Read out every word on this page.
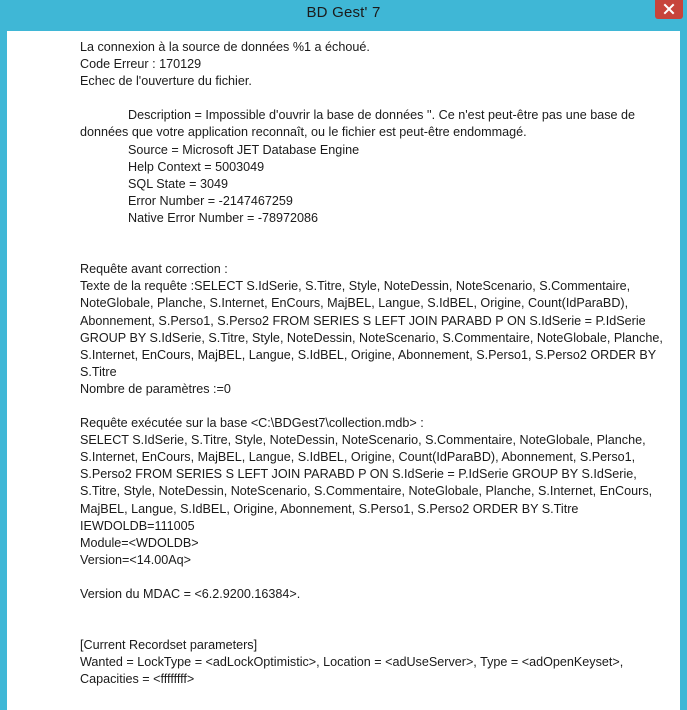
BD Gest' 7
La connexion à la source de données %1 a échoué.
Code Erreur : 170129
Echec de l'ouverture du fichier.
Description = Impossible d'ouvrir la base de données ''. Ce n'est peut-être pas une base de données que votre application reconnaît, ou le fichier est peut-être endommagé.
Source = Microsoft JET Database Engine
Help Context = 5003049
SQL State = 3049
Error Number = -2147467259
Native Error Number = -78972086
Requête avant correction :
Texte de la requête :SELECT S.IdSerie, S.Titre, Style, NoteDessin, NoteScenario, S.Commentaire, NoteGlobale, Planche, S.Internet, EnCours, MajBEL, Langue, S.IdBEL, Origine, Count(IdParaBD), Abonnement, S.Perso1, S.Perso2 FROM SERIES S LEFT JOIN PARABD P ON S.IdSerie = P.IdSerie GROUP BY S.IdSerie, S.Titre, Style, NoteDessin, NoteScenario, S.Commentaire, NoteGlobale, Planche, S.Internet, EnCours, MajBEL, Langue, S.IdBEL, Origine, Abonnement, S.Perso1, S.Perso2 ORDER BY S.Titre
Nombre de paramètres :=0
Requête exécutée sur la base <C:\BDGest7\collection.mdb> :
SELECT S.IdSerie, S.Titre, Style, NoteDessin, NoteScenario, S.Commentaire, NoteGlobale, Planche, S.Internet, EnCours, MajBEL, Langue, S.IdBEL, Origine, Count(IdParaBD), Abonnement, S.Perso1, S.Perso2 FROM SERIES S LEFT JOIN PARABD P ON S.IdSerie = P.IdSerie GROUP BY S.IdSerie, S.Titre, Style, NoteDessin, NoteScenario, S.Commentaire, NoteGlobale, Planche, S.Internet, EnCours, MajBEL, Langue, S.IdBEL, Origine, Abonnement, S.Perso1, S.Perso2 ORDER BY S.Titre
IEWDOLDB=111005
Module=<WDOLDB>
Version=<14.00Aq>
Version du MDAC = <6.2.9200.16384>.
[Current Recordset parameters]
Wanted = LockType = <adLockOptimistic>, Location = <adUseServer>, Type = <adOpenKeyset>,
Capacities = <ffffffff>
